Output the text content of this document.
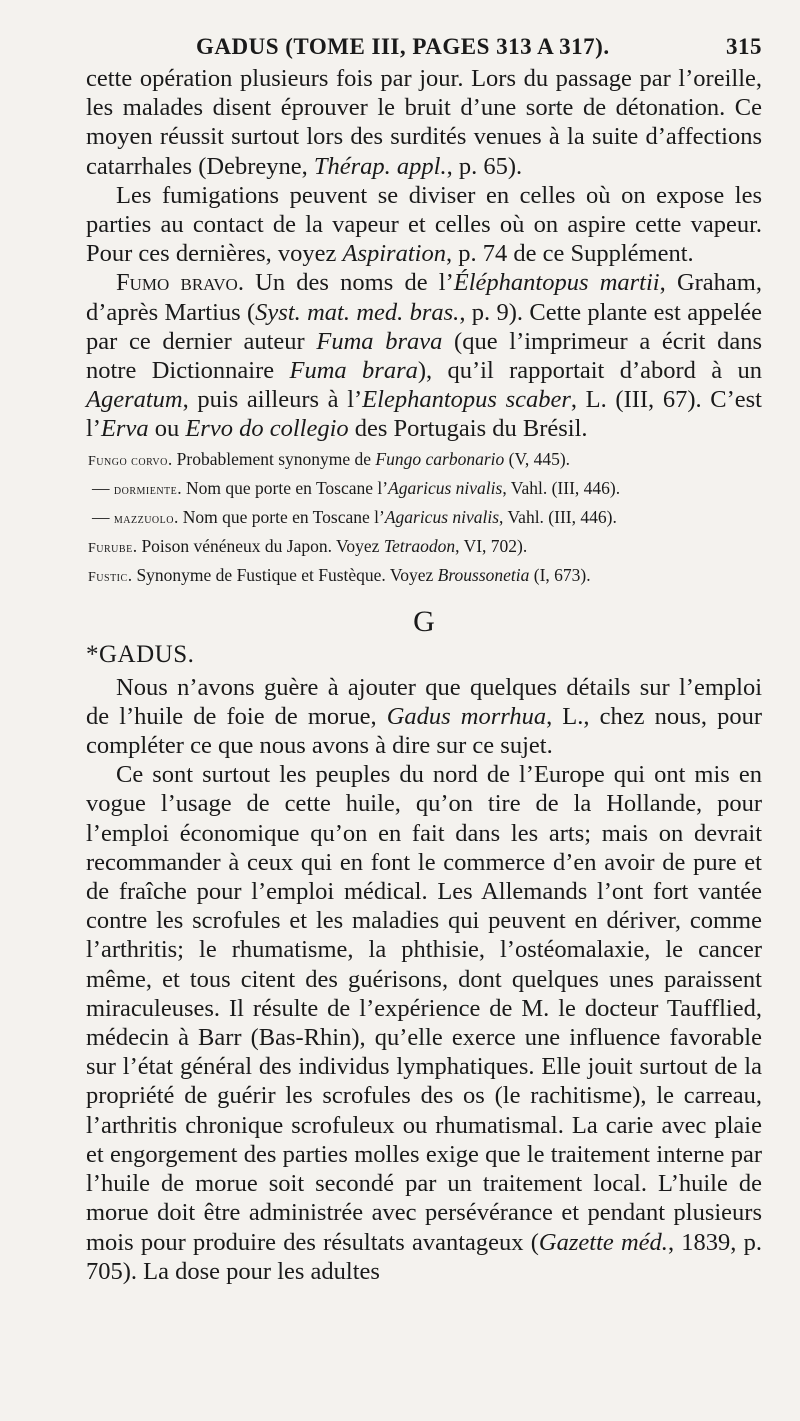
GADUS (TOME III, PAGES 313 A 317).	315

cette opération plusieurs fois par jour. Lors du passage par l’oreille, les malades disent éprouver le bruit d’une sorte de détonation. Ce moyen réussit surtout lors des surdités venues à la suite d’affections catarrhales (Debreyne, Thérap. appl., p. 65).

Les fumigations peuvent se diviser en celles où on expose les parties au contact de la vapeur et celles où on aspire cette vapeur. Pour ces dernières, voyez Aspiration, p. 74 de ce Supplément.

Fumo bravo. Un des noms de l’Éléphantopus martii, Graham, d’après Martius (Syst. mat. med. bras., p. 9). Cette plante est appelée par ce dernier auteur Fuma brava (que l’imprimeur a écrit dans notre Dictionnaire Fuma brara), qu’il rapportait d’abord à un Ageratum, puis ailleurs à l’Elephantopus scaber, L. (III, 67). C’est l’Erva ou Ervo do collegio des Portugais du Brésil.

Fungo corvo. Probablement synonyme de Fungo carbonario (V, 445).

— dormiente. Nom que porte en Toscane l’Agaricus nivalis, Vahl. (III, 446).

— mazzuolo. Nom que porte en Toscane l’Agaricus nivalis, Vahl. (III, 446).

Furube. Poison vénéneux du Japon. Voyez Tetraodon, VI, 702).

Fustic. Synonyme de Fustique et Fustèque. Voyez Broussonetia (I, 673).

G
*GADUS.

Nous n’avons guère à ajouter que quelques détails sur l’emploi de l’huile de foie de morue, Gadus morrhua, L., chez nous, pour compléter ce que nous avons à dire sur ce sujet.

Ce sont surtout les peuples du nord de l’Europe qui ont mis en vogue l’usage de cette huile, qu’on tire de la Hollande, pour l’emploi économique qu’on en fait dans les arts; mais on devrait recommander à ceux qui en font le commerce d’en avoir de pure et de fraîche pour l’emploi médical. Les Allemands l’ont fort vantée contre les scrofules et les maladies qui peuvent en dériver, comme l’arthritis; le rhumatisme, la phthisie, l’ostéomalaxie, le cancer même, et tous citent des guérisons, dont quelques unes paraissent miraculeuses. Il résulte de l’expérience de M. le docteur Taufflied, médecin à Barr (Bas-Rhin), qu’elle exerce une influence favorable sur l’état général des individus lymphatiques. Elle jouit surtout de la propriété de guérir les scrofules des os (le rachitisme), le carreau, l’arthritis chronique scrofuleux ou rhumatismal. La carie avec plaie et engorgement des parties molles exige que le traitement interne par l’huile de morue soit secondé par un traitement local. L’huile de morue doit être administrée avec persévérance et pendant plusieurs mois pour produire des résultats avantageux (Gazette méd., 1839, p. 705). La dose pour les adultes
